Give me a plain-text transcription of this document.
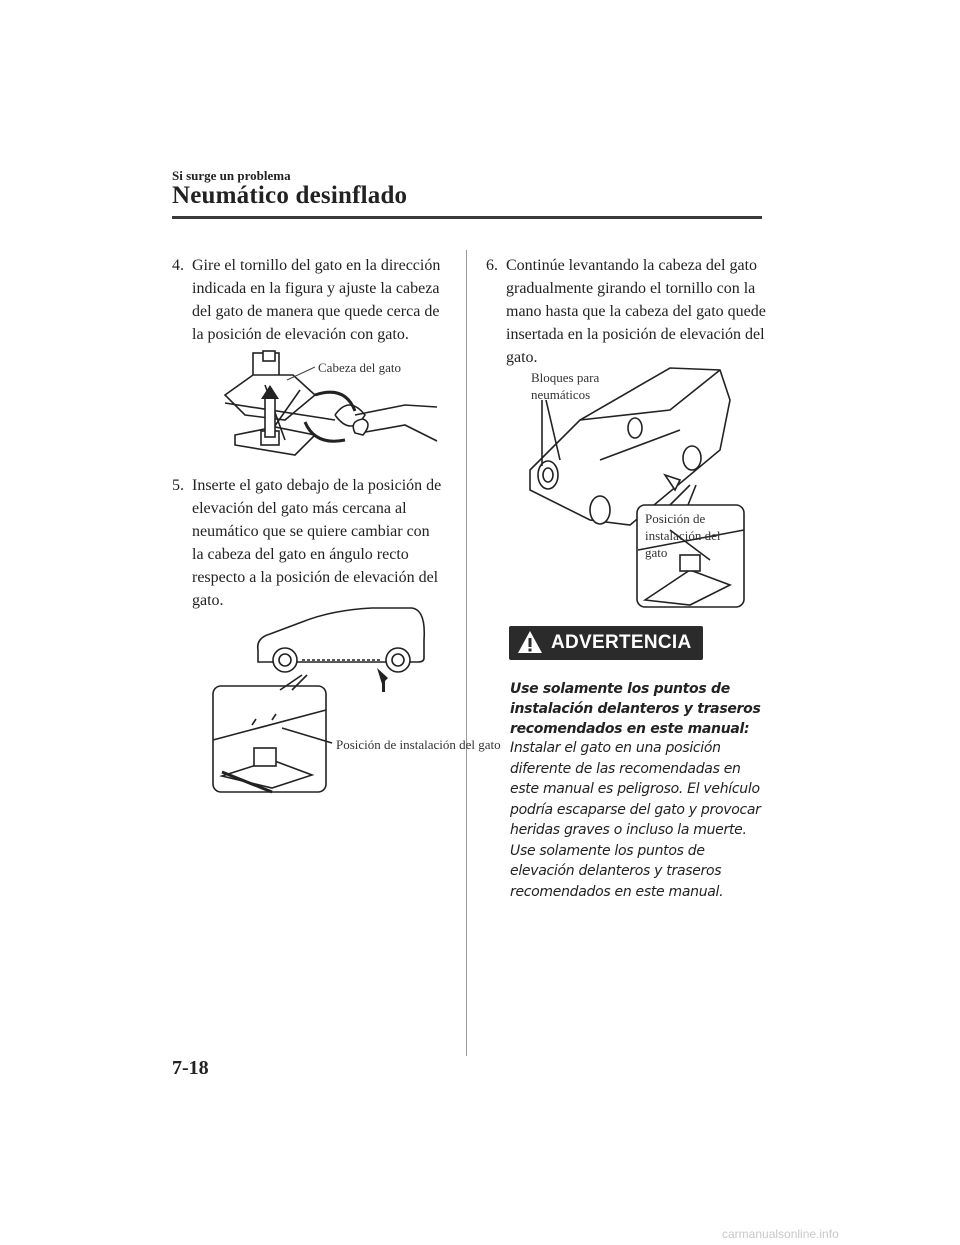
Si surge un problema
Neumático desinflado
4. Gire el tornillo del gato en la dirección indicada en la figura y ajuste la cabeza del gato de manera que quede cerca de la posición de elevación con gato.
Cabeza del gato
5. Inserte el gato debajo de la posición de elevación del gato más cercana al neumático que se quiere cambiar con la cabeza del gato en ángulo recto respecto a la posición de elevación del gato.
Posición de instalación del gato
6. Continúe levantando la cabeza del gato gradualmente girando el tornillo con la mano hasta que la cabeza del gato quede insertada en la posición de elevación del gato.
Bloques para neumáticos
Posición de instalación del gato
ADVERTENCIA
Use solamente los puntos de instalación delanteros y traseros recomendados en este manual:
Instalar el gato en una posición diferente de las recomendadas en este manual es peligroso. El vehículo podría escaparse del gato y provocar heridas graves o incluso la muerte. Use solamente los puntos de elevación delanteros y traseros recomendados en este manual.
7-18
carmanualsonline.info
